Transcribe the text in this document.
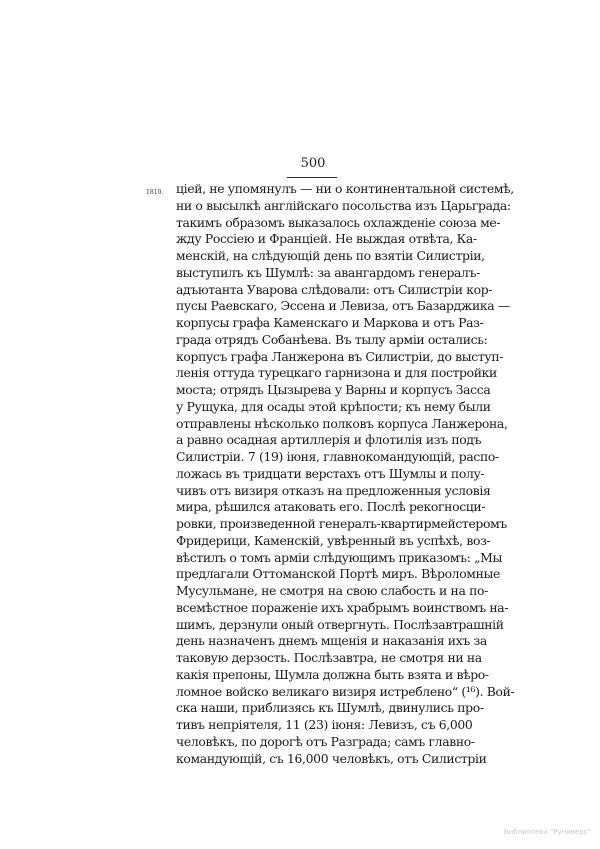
500
1810. ціей, не упомянулъ — ни о континентальной системѣ,
ни о высылкѣ англійскаго посольства изъ Царьграда:
такимъ образомъ выказалось охлажденіе союза ме-
жду Россіею и Франціей. Не выждая отвѣта, Ка-
менскій, на слѣдующій день по взятіи Силистріи,
выступилъ къ Шумлѣ: за авангардомъ генералъ-
адъютанта Уварова слѣдовали: отъ Силистріи кор-
пусы Раевскаго, Эссена и Левиза, отъ Базарджика —
корпусы графа Каменскаго и Маркова и отъ Раз-
града отрядъ Собанѣева. Въ тылу арміи остались:
корпусъ графа Ланжерона въ Силистріи, до выступ-
ленія оттуда турецкаго гарнизона и для постройки
моста; отрядъ Цызырева у Варны и корпусъ Засса
у Рущука, для осады этой крѣпости; къ нему были
отправлены нѣсколько полковъ корпуса Ланжерона,
а равно осадная артиллерія и флотилія изъ подъ
Силистріи. 7 (19) іюня, главнокомандующій, распо-
ложась въ тридцати верстахъ отъ Шумлы и полу-
чивъ отъ визиря отказъ на предложенныя условія
мира, рѣшился атаковать его. Послѣ рекогносци-
ровки, произведенной генералъ-квартирмейстеромъ
Фридерици, Каменскій, увѣренный въ успѣхѣ, воз-
вѣстилъ о томъ арміи слѣдующимъ приказомъ: „Мы
предлагали Оттоманской Портѣ миръ. Вѣроломные
Мусульмане, не смотря на свою слабость и на по-
всемѣстное пораженіе ихъ храбрымъ воинствомъ на-
шимъ, дерзнули оный отвергнуть. Послѣзавтрашній
день назначенъ днемъ мщенія и наказанія ихъ за
таковую дерзость. Послѣзавтра, не смотря ни на
какія препоны, Шумла должна быть взята и вѣро-
ломное войско великаго визиря истреблено“ (¹⁶). Вой-
ска наши, приблизясь къ Шумлѣ, двинулись про-
тивъ непріятеля, 11 (23) іюня: Левизъ, съ 6,000
человѣкъ, по дорогѣ отъ Разграда; самъ главно-
командующій, съ 16,000 человѣкъ, отъ Силистріи
Библиотека "Руниверс"
